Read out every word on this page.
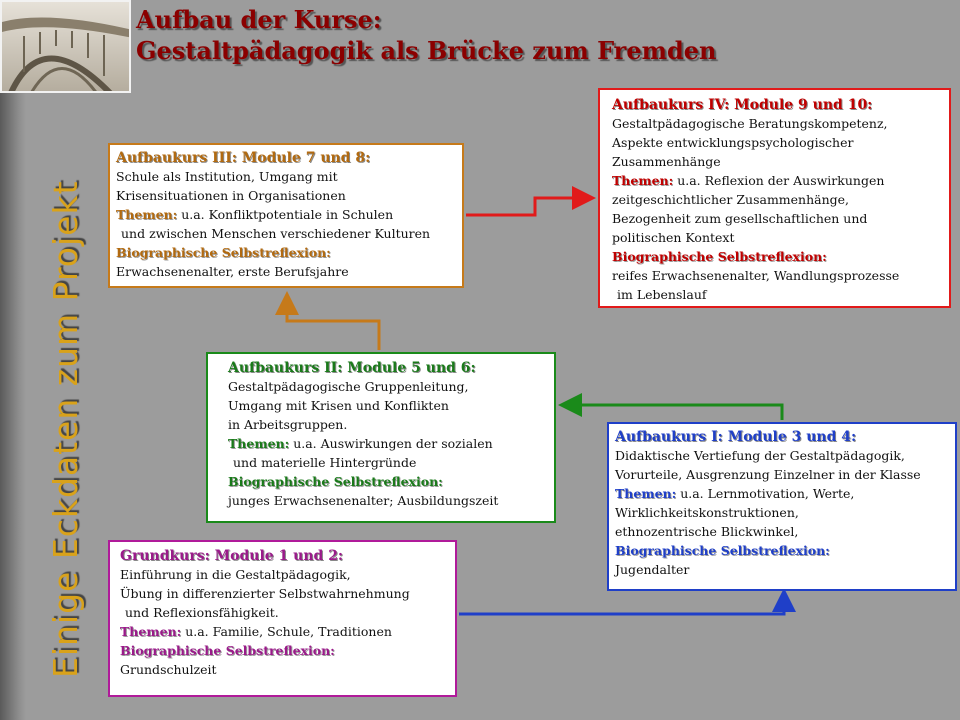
Aufbau der Kurse:
Gestaltpädagogik als Brücke zum Fremden
Einige Eckdaten zum Projekt
Aufbaukurs III: Module 7 und 8:
Schule als Institution, Umgang mit
Krisensituationen in Organisationen
Themen: u.a. Konfliktpotentiale in Schulen
und zwischen Menschen verschiedener Kulturen
Biographische Selbstreflexion:
Erwachsenenalter, erste Berufsjahre
Aufbaukurs IV: Module 9 und 10:
Gestaltpädagogische Beratungskompetenz,
Aspekte entwicklungspsychologischer
Zusammenhänge
Themen: u.a. Reflexion der Auswirkungen
zeitgeschichtlicher Zusammenhänge,
Bezogenheit zum gesellschaftlichen und
politischen Kontext
Biographische Selbstreflexion:
reifes Erwachsenenalter, Wandlungsprozesse
im Lebenslauf
Aufbaukurs II: Module 5 und 6:
Gestaltpädagogische Gruppenleitung,
Umgang mit Krisen und Konflikten
in Arbeitsgruppen.
Themen: u.a. Auswirkungen der sozialen
und materielle Hintergründe
Biographische Selbstreflexion:
junges Erwachsenenalter; Ausbildungszeit
Aufbaukurs I: Module 3 und 4:
Didaktische Vertiefung der Gestaltpädagogik,
Vorurteile, Ausgrenzung Einzelner in der Klasse
Themen: u.a. Lernmotivation, Werte,
Wirklichkeitskonstruktionen,
ethnozentrische Blickwinkel,
Biographische Selbstreflexion:
Jugendalter
Grundkurs: Module 1 und 2:
Einführung in die Gestaltpädagogik,
Übung in differenzierter Selbstwahrnehmung
und Reflexionsfähigkeit.
Themen: u.a. Familie, Schule, Traditionen
Biographische Selbstreflexion:
Grundschulzeit
